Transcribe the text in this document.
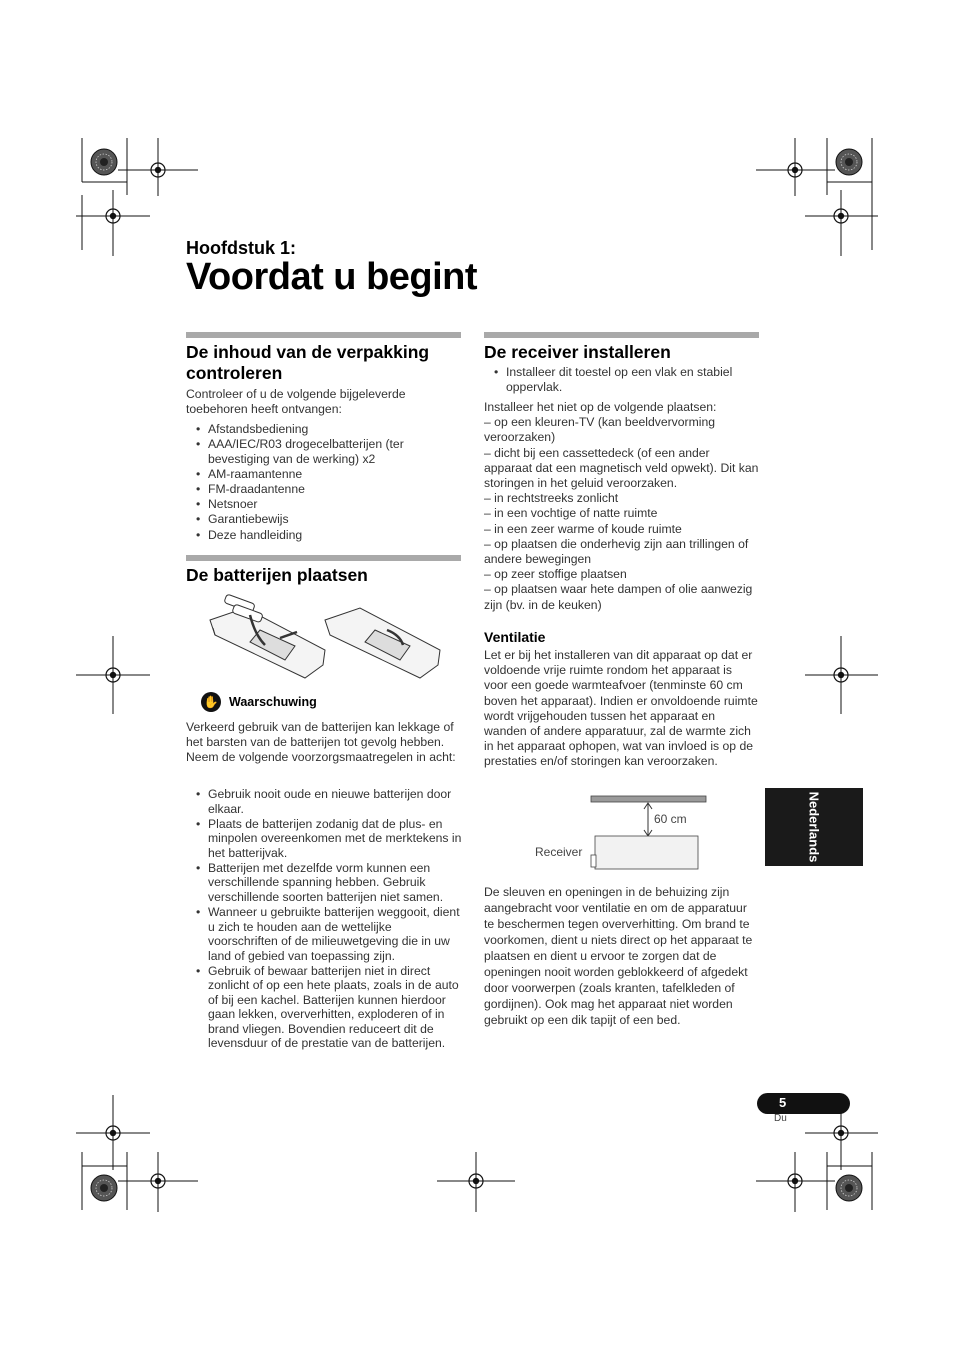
Hoofdstuk 1:
Voordat u begint
De inhoud van de verpakking
controleren

Controleer of u de volgende bijgeleverde toebehoren heeft ontvangen:

• Afstandsbediening
• AAA/IEC/R03 drogecelbatterijen (ter bevestiging van de werking) x2
• AM-raamantenne
• FM-draadantenne
• Netsnoer
• Garantiebewijs
• Deze handleiding
De batterijen plaatsen
✋ Waarschuwing

Verkeerd gebruik van de batterijen kan lekkage of het barsten van de batterijen tot gevolg hebben. Neem de volgende voorzorgsmaatregelen in acht:

• Gebruik nooit oude en nieuwe batterijen door elkaar.
• Plaats de batterijen zodanig dat de plus- en minpolen overeenkomen met de merktekens in het batterijvak.
• Batterijen met dezelfde vorm kunnen een verschillende spanning hebben. Gebruik verschillende soorten batterijen niet samen.
• Wanneer u gebruikte batterijen weggooit, dient u zich te houden aan de wettelijke voorschriften of de milieuwetgeving die in uw land of gebied van toepassing zijn.
• Gebruik of bewaar batterijen niet in direct zonlicht of op een hete plaats, zoals in de auto of bij een kachel. Batterijen kunnen hierdoor gaan lekken, oververhitten, exploderen of in brand vliegen. Bovendien reduceert dit de levensduur of de prestatie van de batterijen.
De receiver installeren
• Installeer dit toestel op een vlak en stabiel oppervlak.

Installeer het niet op de volgende plaatsen:
– op een kleuren-TV (kan beeldvervorming veroorzaken)
– dicht bij een cassettedeck (of een ander apparaat dat een magnetisch veld opwekt). Dit kan storingen in het geluid veroorzaken.
– in rechtstreeks zonlicht
– in een vochtige of natte ruimte
– in een zeer warme of koude ruimte
– op plaatsen die onderhevig zijn aan trillingen of andere bewegingen
– op zeer stoffige plaatsen
– op plaatsen waar hete dampen of olie aanwezig zijn (bv. in de keuken)

Ventilatie

Let er bij het installeren van dit apparaat op dat er voldoende vrije ruimte rondom het apparaat is voor een goede warmteafvoer (tenminste 60 cm boven het apparaat). Indien er onvoldoende ruimte wordt vrijgehouden tussen het apparaat en wanden of andere apparatuur, zal de warmte zich in het apparaat ophopen, wat van invloed is op de prestaties en/of storingen kan veroorzaken.

60 cm
Receiver

De sleuven en openingen in de behuizing zijn aangebracht voor ventilatie en om de apparatuur te beschermen tegen oververhitting. Om brand te voorkomen, dient u niets direct op het apparaat te plaatsen en dient u ervoor te zorgen dat de openingen nooit worden geblokkeerd of afgedekt door voorwerpen (zoals kranten, tafelkleden of gordijnen). Ook mag het apparaat niet worden gebruikt op een dik tapijt of een bed.

Nederlands
5
Du
